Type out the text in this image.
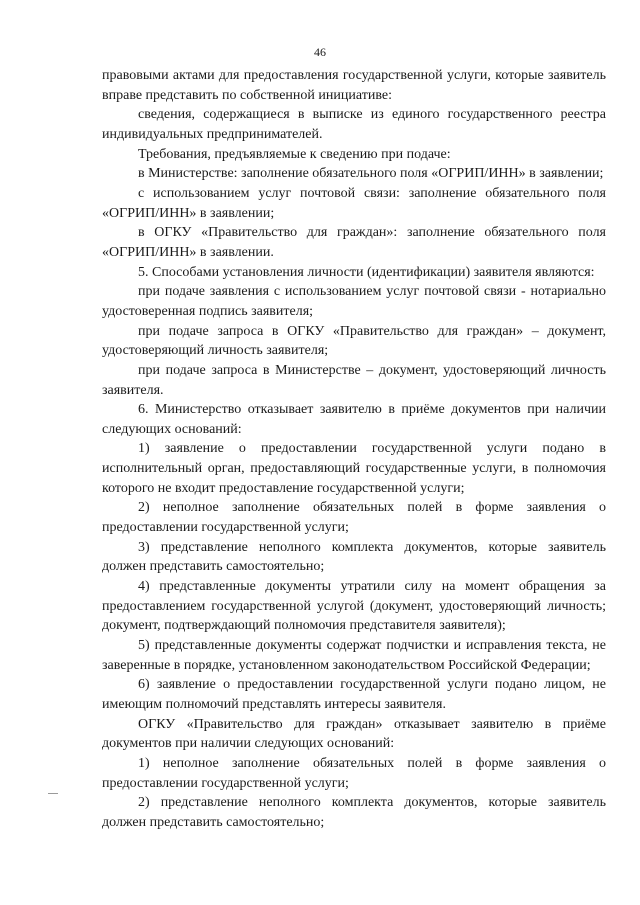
46

правовыми актами для предоставления государственной услуги, которые заявитель вправе представить по собственной инициативе:

сведения, содержащиеся в выписке из единого государственного реестра индивидуальных предпринимателей.

Требования, предъявляемые к сведению при подаче:

в Министерстве: заполнение обязательного поля «ОГРИП/ИНН» в заявлении;

с использованием услуг почтовой связи: заполнение обязательного поля «ОГРИП/ИНН» в заявлении;

в ОГКУ «Правительство для граждан»: заполнение обязательного поля «ОГРИП/ИНН» в заявлении.

5. Способами установления личности (идентификации) заявителя являются:

при подаче заявления с использованием услуг почтовой связи - нотариально удостоверенная подпись заявителя;

при подаче запроса в ОГКУ «Правительство для граждан» – документ, удостоверяющий личность заявителя;

при подаче запроса в Министерстве – документ, удостоверяющий личность заявителя.

6. Министерство отказывает заявителю в приёме документов при наличии следующих оснований:

1) заявление о предоставлении государственной услуги подано в исполнительный орган, предоставляющий государственные услуги, в полномочия которого не входит предоставление государственной услуги;

2) неполное заполнение обязательных полей в форме заявления о предоставлении государственной услуги;

3) представление неполного комплекта документов, которые заявитель должен представить самостоятельно;

4) представленные документы утратили силу на момент обращения за предоставлением государственной услугой (документ, удостоверяющий личность; документ, подтверждающий полномочия представителя заявителя);

5) представленные документы содержат подчистки и исправления текста, не заверенные в порядке, установленном законодательством Российской Федерации;

6) заявление о предоставлении государственной услуги подано лицом, не имеющим полномочий представлять интересы заявителя.

ОГКУ «Правительство для граждан» отказывает заявителю в приёме документов при наличии следующих оснований:

1) неполное заполнение обязательных полей в форме заявления о предоставлении государственной услуги;

2) представление неполного комплекта документов, которые заявитель должен представить самостоятельно;
